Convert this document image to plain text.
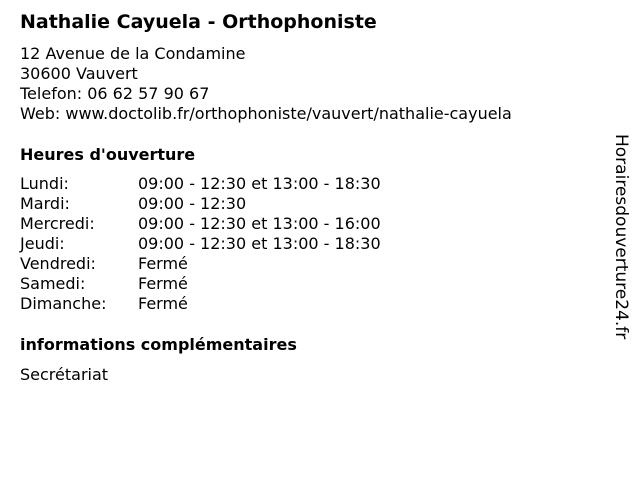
Nathalie Cayuela - Orthophoniste
12 Avenue de la Condamine
30600 Vauvert
Telefon: 06 62 57 90 67
Web: www.doctolib.fr/orthophoniste/vauvert/nathalie-cayuela
Heures d'ouverture
Lundi:	09:00 - 12:30 et 13:00 - 18:30
Mardi:	09:00 - 12:30
Mercredi:	09:00 - 12:30 et 13:00 - 16:00
Jeudi:	09:00 - 12:30 et 13:00 - 18:30
Vendredi:	Fermé
Samedi:	Fermé
Dimanche: Fermé
informations complémentaires
Secrétariat
Horairesdouverture24.fr
